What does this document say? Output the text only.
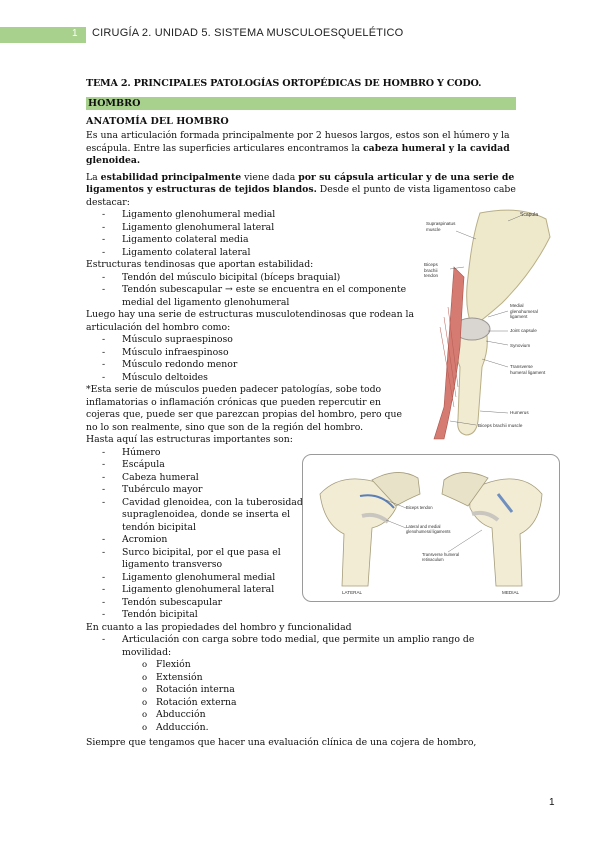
1 CIRUGÍA 2. UNIDAD 5. SISTEMA MUSCULOESQUELÉTICO

TEMA 2. PRINCIPALES PATOLOGÍAS ORTOPÉDICAS DE HOMBRO Y CODO.

HOMBRO

ANATOMÍA DEL HOMBRO

Es una articulación formada principalmente por 2 huesos largos, estos son el húmero y la escápula. Entre las superficies articulares encontramos la cabeza humeral y la cavidad glenoidea.

La estabilidad principalmente viene dada por su cápsula articular y de una serie de ligamentos y estructuras de tejidos blandos. Desde el punto de vista ligamentoso cabe destacar:

- Ligamento glenohumeral medial
- Ligamento glenohumeral lateral
- Ligamento colateral media
- Ligamento colateral lateral

Estructuras tendinosas que aportan estabilidad:

- Tendón del músculo bicipital (bíceps braquial)
- Tendón subescapular → este se encuentra en el componente medial del ligamento glenohumeral

Luego hay una serie de estructuras musculotendinosas que rodean la articulación del hombro como:

- Músculo supraespinoso
- Músculo infraespinoso
- Músculo redondo menor
- Músculo deltoides

*Esta serie de músculos pueden padecer patologías, sobe todo inflamatorias o inflamación crónicas que pueden repercutir en cojeras que, puede ser que parezcan propias del hombro, pero que no lo son realmente, sino que son de la región del hombro.

Hasta aquí las estructuras importantes son:

- Húmero
- Escápula
- Cabeza humeral
- Tubérculo mayor
- Cavidad glenoidea, con la tuberosidad supraglenoidea, donde se inserta el tendón bicipital
- Acromion
- Surco bicipital, por el que pasa el ligamento transverso
- Ligamento glenohumeral medial
- Ligamento glenohumeral lateral
- Tendón subescapular
- Tendón bicipital

En cuanto a las propiedades del hombro y funcionalidad

- Articulación con carga sobre todo medial, que permite un amplio rango de movilidad:
o Flexión
o Extensión
o Rotación interna
o Rotación externa
o Abducción
o Adducción.

Siempre que tengamos que hacer una evaluación clínica de una cojera de hombro,

Scapula
Supraspinatus muscle
Biceps brachii tendon
Medial glenohumeral ligament
Joint capsule
Synovium
Transverse humeral ligament
Humerus
Biceps brachii muscle
Biceps tendon
Lateral and medial glenohumeral ligaments
Transverse humeral retinaculum
LATERAL	MEDIAL
1
